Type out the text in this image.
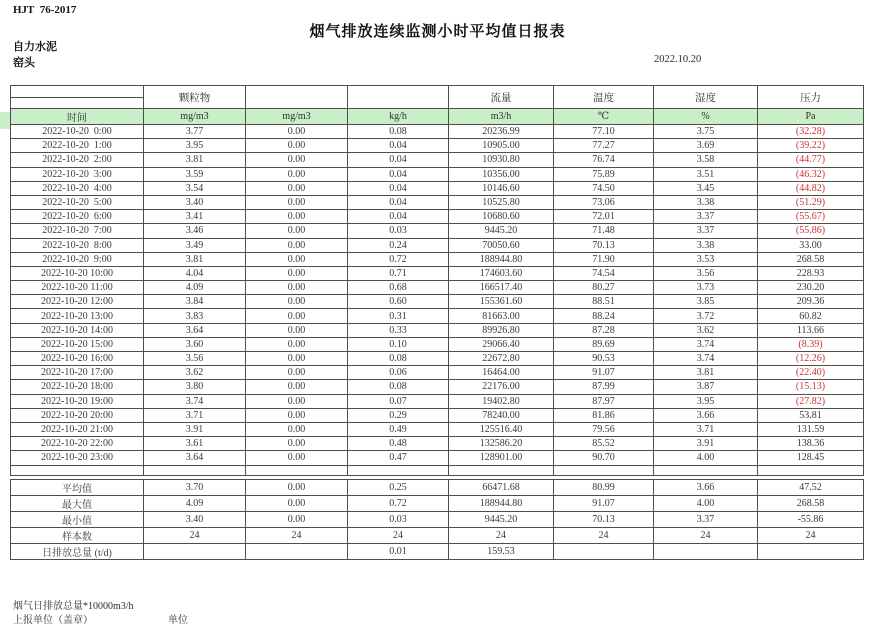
HJT  76-2017
烟气排放连续监测小时平均值日报表
自力水泥
窑头	2022.10.20
	颗粒物			流量	温度	湿度	压力

时间	mg/m3	mg/m3	kg/h	m3/h	℃	%	Pa
2022-10-20  0:00	3.77	0.00	0.08	20236.99	77.10	3.75	(32.28)
2022-10-20  1:00	3.95	0.00	0.04	10905.00	77.27	3.69	(39.22)
2022-10-20  2:00	3.81	0.00	0.04	10930.80	76.74	3.58	(44.77)
2022-10-20  3:00	3.59	0.00	0.04	10356.00	75.89	3.51	(46.32)
2022-10-20  4:00	3.54	0.00	0.04	10146.60	74.50	3.45	(44.82)
2022-10-20  5:00	3.40	0.00	0.04	10525.80	73.06	3.38	(51.29)
2022-10-20  6:00	3.41	0.00	0.04	10680.60	72.01	3.37	(55.67)
2022-10-20  7:00	3.46	0.00	0.03	9445.20	71.48	3.37	(55.86)
2022-10-20  8:00	3.49	0.00	0.24	70050.60	70.13	3.38	33.00
2022-10-20  9:00	3.81	0.00	0.72	188944.80	71.90	3.53	268.58
2022-10-20 10:00	4.04	0.00	0.71	174603.60	74.54	3.56	228.93
2022-10-20 11:00	4.09	0.00	0.68	166517.40	80.27	3.73	230.20
2022-10-20 12:00	3.84	0.00	0.60	155361.60	88.51	3.85	209.36
2022-10-20 13:00	3.83	0.00	0.31	81663.00	88.24	3.72	60.82
2022-10-20 14:00	3.64	0.00	0.33	89926.80	87.28	3.62	113.66
2022-10-20 15:00	3.60	0.00	0.10	29066.40	89.69	3.74	(8.39)
2022-10-20 16:00	3.56	0.00	0.08	22672.80	90.53	3.74	(12.26)
2022-10-20 17:00	3.62	0.00	0.06	16464.00	91.07	3.81	(22.40)
2022-10-20 18:00	3.80	0.00	0.08	22176.00	87.99	3.87	(15.13)
2022-10-20 19:00	3.74	0.00	0.07	19402.80	87.97	3.95	(27.82)
2022-10-20 20:00	3.71	0.00	0.29	78240.00	81.86	3.66	53.81
2022-10-20 21:00	3.91	0.00	0.49	125516.40	79.56	3.71	131.59
2022-10-20 22:00	3.61	0.00	0.48	132586.20	85.52	3.91	138.36
2022-10-20 23:00	3.64	0.00	0.47	128901.00	90.70	4.00	128.45

平均值	3.70	0.00	0.25	66471.68	80.99	3.66	47.52
最大值	4.09	0.00	0.72	188944.80	91.07	4.00	268.58
最小值	3.40	0.00	0.03	9445.20	70.13	3.37	-55.86
样本数	24	24	24	24	24	24	24
日排放总量 (t/d)			0.01	159.53			
烟气日排放总量*10000m3/h
上报单位（盖章）	单位
